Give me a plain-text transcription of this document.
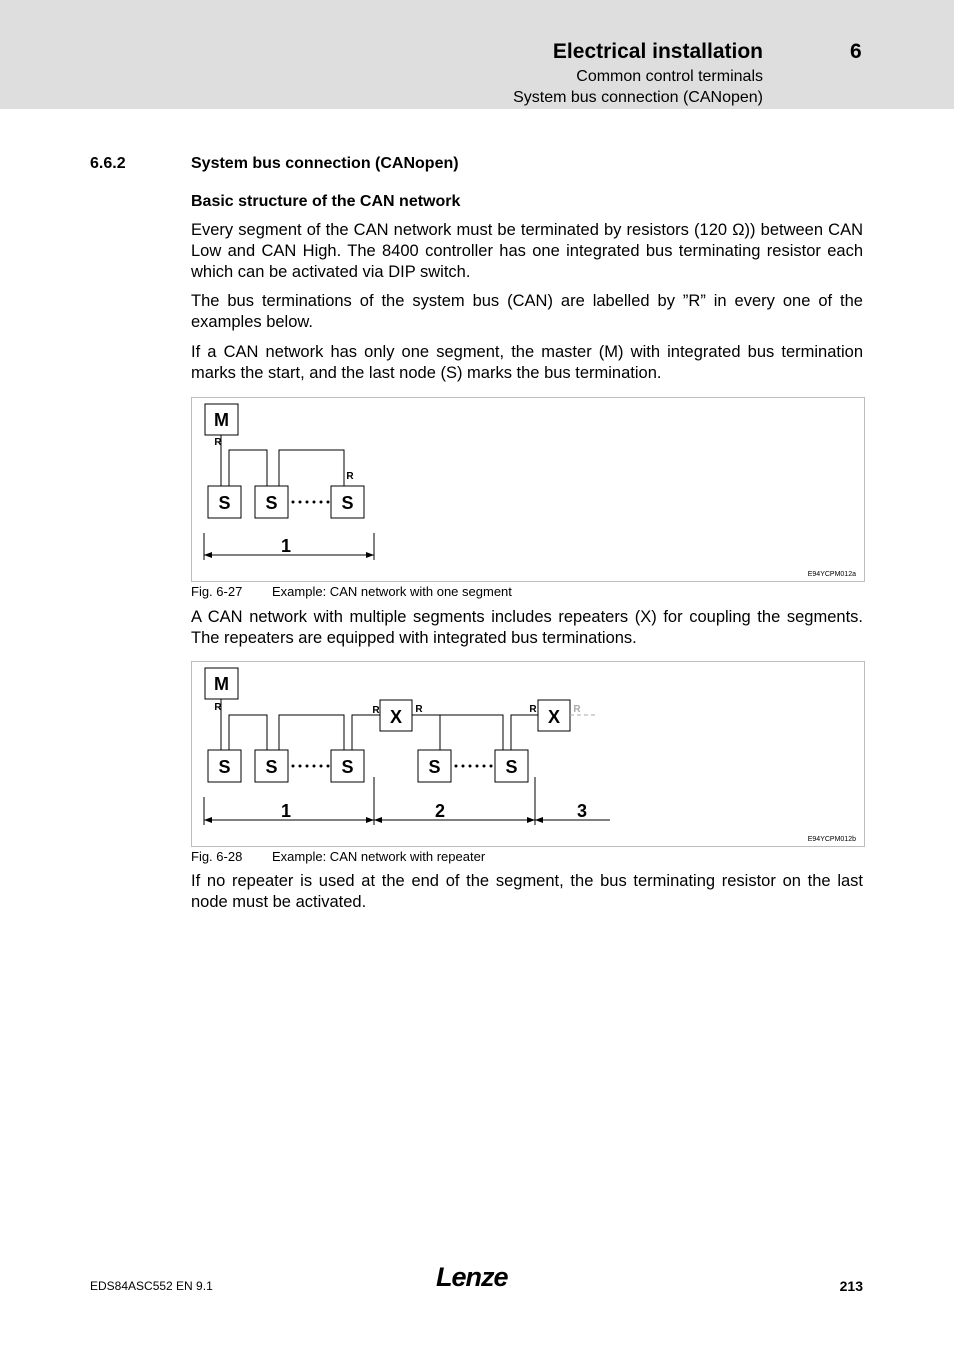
Electrical installation	6
Common control terminals
System bus connection (CANopen)
6.6.2	System bus connection (CANopen)
Basic structure of the CAN network

Every segment of the CAN network must be terminated by resistors (120 Ω)) between CAN Low and CAN High. The 8400 controller has one integrated bus terminating resistor each which can be activated via DIP switch.

The bus terminations of the system bus (CAN) are labelled by ”R” in every one of the examples below.

If a CAN network has only one segment, the master (M) with integrated bus termination marks the start, and the last node (S) marks the bus termination.

M
R
R
S S	S
1
E94YCPM012a
Fig. 6-27 Example: CAN network with one segment

A CAN network with multiple segments includes repeaters (X) for coupling the segments. The repeaters are equipped with integrated bus terminations.

M
R	R	R	R	R
X	X
S S	S	S	S
1	2	3
E94YCPM012b
Fig. 6-28 Example: CAN network with repeater

If no repeater is used at the end of the segment, the bus terminating resistor on the last node must be activated.

EDS84ASC552 EN 9.1	Lenze	213
